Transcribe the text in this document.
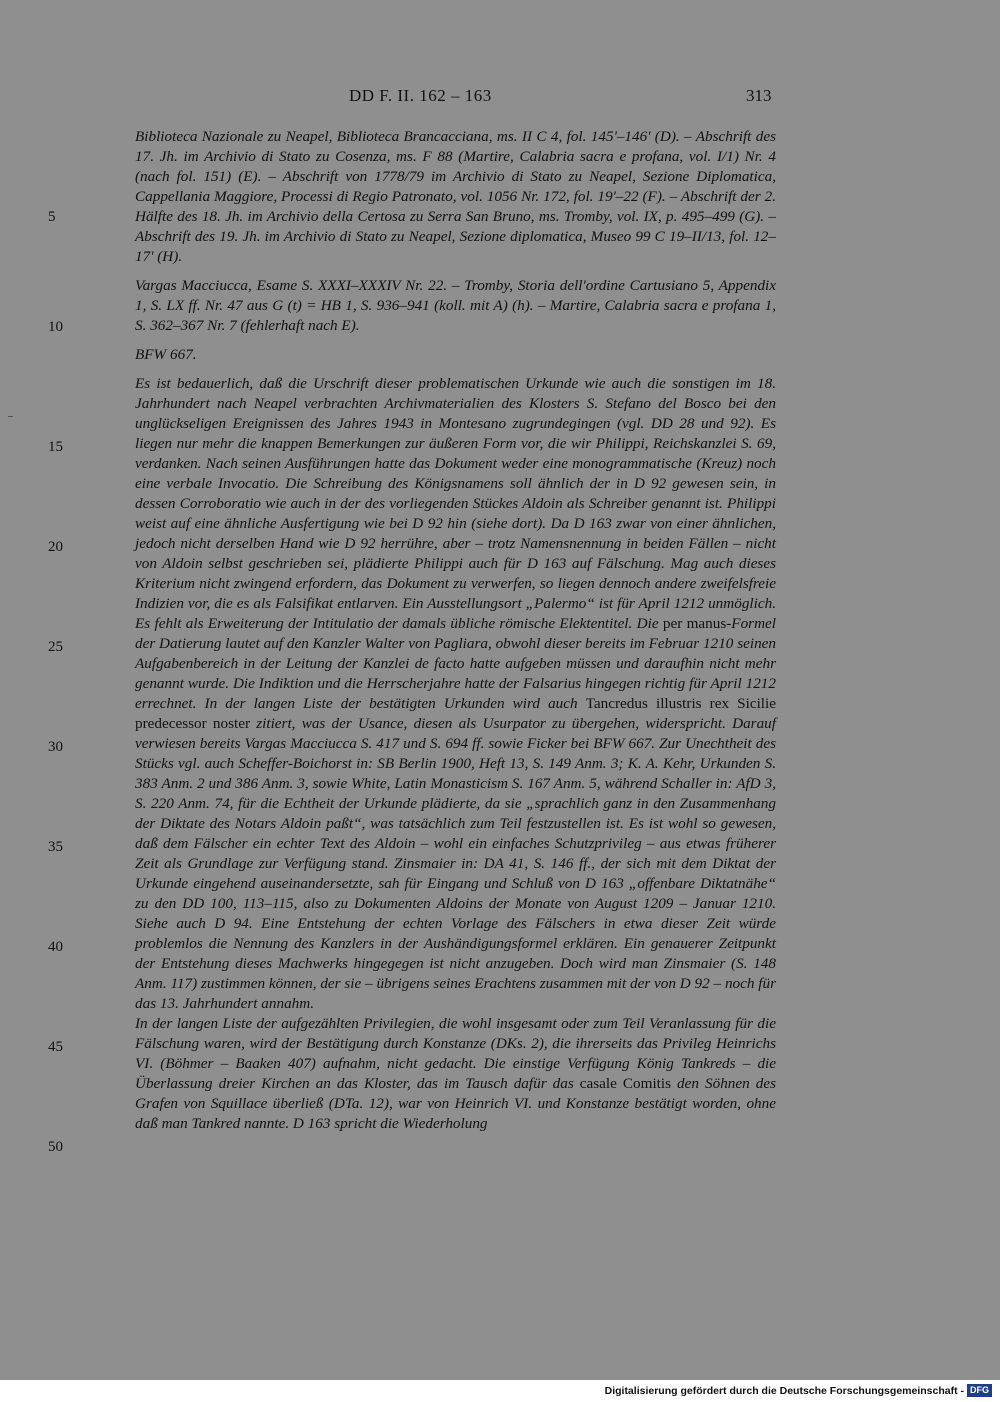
DD F. II. 162 – 163	313
5
10
15
20
25
30
35
40
45
50

Biblioteca Nazionale zu Neapel, Biblioteca Brancacciana, ms. II C 4, fol. 145'–146' (D). – Abschrift des 17. Jh. im Archivio di Stato zu Cosenza, ms. F 88 (Martire, Calabria sacra e profana, vol. I/1) Nr. 4 (nach fol. 151) (E). – Abschrift von 1778/79 im Archivio di Stato zu Neapel, Sezione Diplomatica, Cappellania Maggiore, Processi di Regio Patronato, vol. 1056 Nr. 172, fol. 19'–22 (F). – Abschrift der 2. Hälfte des 18. Jh. im Archivio della Certosa zu Serra San Bruno, ms. Tromby, vol. IX, p. 495–499 (G). – Abschrift des 19. Jh. im Archivio di Stato zu Neapel, Sezione diplomatica, Museo 99 C 19–II/13, fol. 12–17' (H).

Vargas Macciucca, Esame S. XXXI–XXXIV Nr. 22. – Tromby, Storia dell'ordine Cartusiano 5, Appendix 1, S. LX ff. Nr. 47 aus G (t) = HB 1, S. 936–941 (koll. mit A) (h). – Martire, Calabria sacra e profana 1, S. 362–367 Nr. 7 (fehlerhaft nach E).

BFW 667.

Es ist bedauerlich, daß die Urschrift dieser problematischen Urkunde wie auch die sonstigen im 18. Jahrhundert nach Neapel verbrachten Archivmaterialien des Klosters S. Stefano del Bosco bei den unglückseligen Ereignissen des Jahres 1943 in Montesano zugrundegingen (vgl. DD 28 und 92). Es liegen nur mehr die knappen Bemerkungen zur äußeren Form vor, die wir Philippi, Reichskanzlei S. 69, verdanken. Nach seinen Ausführungen hatte das Dokument weder eine monogrammatische (Kreuz) noch eine verbale Invocatio. Die Schreibung des Königsnamens soll ähnlich der in D 92 gewesen sein, in dessen Corroboratio wie auch in der des vorliegenden Stückes Aldoin als Schreiber genannt ist. Philippi weist auf eine ähnliche Ausfertigung wie bei D 92 hin (siehe dort). Da D 163 zwar von einer ähnlichen, jedoch nicht derselben Hand wie D 92 herrühre, aber – trotz Namensnennung in beiden Fällen – nicht von Aldoin selbst geschrieben sei, plädierte Philippi auch für D 163 auf Fälschung. Mag auch dieses Kriterium nicht zwingend erfordern, das Dokument zu verwerfen, so liegen dennoch andere zweifelsfreie Indizien vor, die es als Falsifikat entlarven. Ein Ausstellungsort „Palermo“ ist für April 1212 unmöglich. Es fehlt als Erweiterung der Intitulatio der damals übliche römische Elektentitel. Die per manus-Formel der Datierung lautet auf den Kanzler Walter von Pagliara, obwohl dieser bereits im Februar 1210 seinen Aufgabenbereich in der Leitung der Kanzlei de facto hatte aufgeben müssen und daraufhin nicht mehr genannt wurde. Die Indiktion und die Herrscherjahre hatte der Falsarius hingegen richtig für April 1212 errechnet. In der langen Liste der bestätigten Urkunden wird auch Tancredus illustris rex Sicilie predecessor noster zitiert, was der Usance, diesen als Usurpator zu übergehen, widerspricht. Darauf verwiesen bereits Vargas Macciucca S. 417 und S. 694 ff. sowie Ficker bei BFW 667. Zur Unechtheit des Stücks vgl. auch Scheffer-Boichorst in: SB Berlin 1900, Heft 13, S. 149 Anm. 3; K. A. Kehr, Urkunden S. 383 Anm. 2 und 386 Anm. 3, sowie White, Latin Monasticism S. 167 Anm. 5, während Schaller in: AfD 3, S. 220 Anm. 74, für die Echtheit der Urkunde plädierte, da sie „sprachlich ganz in den Zusammenhang der Diktate des Notars Aldoin paßt“, was tatsächlich zum Teil festzustellen ist. Es ist wohl so gewesen, daß dem Fälscher ein echter Text des Aldoin – wohl ein einfaches Schutzprivileg – aus etwas früherer Zeit als Grundlage zur Verfügung stand. Zinsmaier in: DA 41, S. 146 ff., der sich mit dem Diktat der Urkunde eingehend auseinandersetzte, sah für Eingang und Schluß von D 163 „offenbare Diktatnähe“ zu den DD 100, 113–115, also zu Dokumenten Aldoins der Monate von August 1209 – Januar 1210. Siehe auch D 94. Eine Entstehung der echten Vorlage des Fälschers in etwa dieser Zeit würde problemlos die Nennung des Kanzlers in der Aushändigungsformel erklären. Ein genauerer Zeitpunkt der Entstehung dieses Machwerks hingegegen ist nicht anzugeben. Doch wird man Zinsmaier (S. 148 Anm. 117) zustimmen können, der sie – übrigens seines Erachtens zusammen mit der von D 92 – noch für das 13. Jahrhundert annahm.

In der langen Liste der aufgezählten Privilegien, die wohl insgesamt oder zum Teil Veranlassung für die Fälschung waren, wird der Bestätigung durch Konstanze (DKs. 2), die ihrerseits das Privileg Heinrichs VI. (Böhmer – Baaken 407) aufnahm, nicht gedacht. Die einstige Verfügung König Tankreds – die Überlassung dreier Kirchen an das Kloster, das im Tausch dafür das casale Comitis den Söhnen des Grafen von Squillace überließ (DTa. 12), war von Heinrich VI. und Konstanze bestätigt worden, ohne daß man Tankred nannte. D 163 spricht die Wiederholung

Digitalisierung gefördert durch die Deutsche Forschungsgemeinschaft - DFG
